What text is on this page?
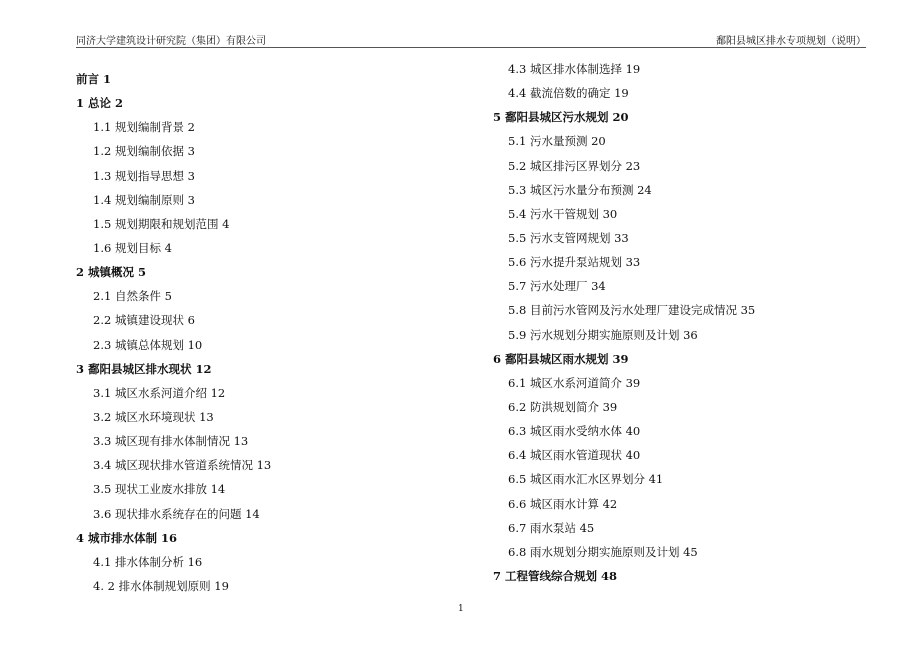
同济大学建筑设计研究院（集团）有限公司	鄱阳县城区排水专项规划（说明）
前言 1
1 总论 2
1.1 规划编制背景 2
1.2 规划编制依据 3
1.3 规划指导思想 3
1.4 规划编制原则 3
1.5 规划期限和规划范围 4
1.6 规划目标 4
2 城镇概况 5
2.1 自然条件 5
2.2 城镇建设现状 6
2.3 城镇总体规划 10
3 鄱阳县城区排水现状 12
3.1 城区水系河道介绍 12
3.2 城区水环境现状 13
3.3 城区现有排水体制情况 13
3.4 城区现状排水管道系统情况 13
3.5 现状工业废水排放 14
3.6 现状排水系统存在的问题 14
4 城市排水体制 16
4.1 排水体制分析 16
4. 2 排水体制规划原则 19
4.3 城区排水体制选择 19
4.4 截流倍数的确定 19
5 鄱阳县城区污水规划 20
5.1 污水量预测 20
5.2 城区排污区界划分 23
5.3 城区污水量分布预测 24
5.4 污水干管规划 30
5.5 污水支管网规划 33
5.6 污水提升泵站规划 33
5.7 污水处理厂 34
5.8 目前污水管网及污水处理厂建设完成情况 35
5.9 污水规划分期实施原则及计划 36
6 鄱阳县城区雨水规划 39
6.1 城区水系河道简介 39
6.2 防洪规划简介 39
6.3 城区雨水受纳水体 40
6.4 城区雨水管道现状 40
6.5 城区雨水汇水区界划分 41
6.6 城区雨水计算 42
6.7 雨水泵站 45
6.8 雨水规划分期实施原则及计划 45
7 工程管线综合规划 48
1
